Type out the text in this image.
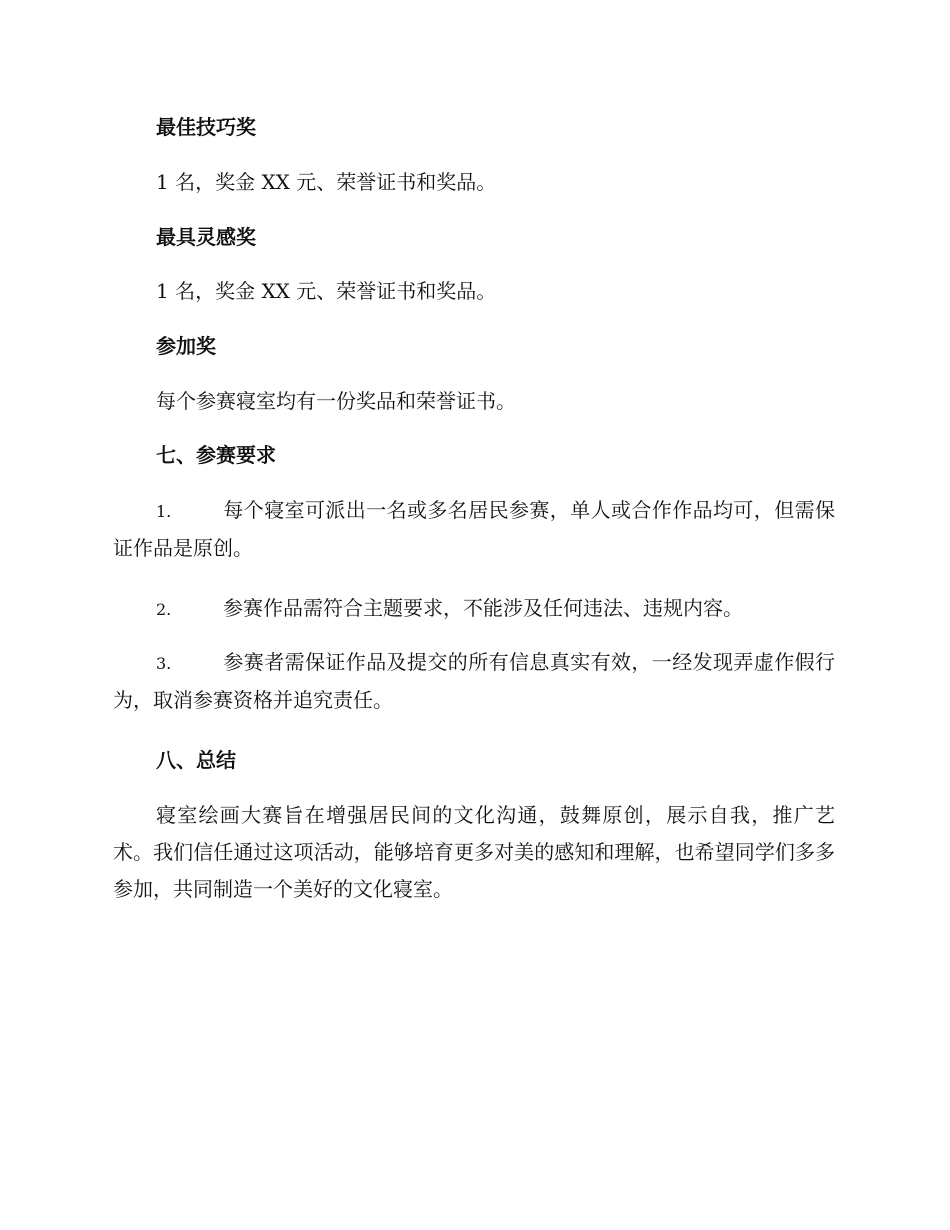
最佳技巧奖

1 名，奖金 XX 元、荣誉证书和奖品。

最具灵感奖

1 名，奖金 XX 元、荣誉证书和奖品。

参加奖

每个参赛寝室均有一份奖品和荣誉证书。

七、参赛要求

1.	每个寝室可派出一名或多名居民参赛，单人或合作作品均可，但需保证作品是原创。

2.	参赛作品需符合主题要求，不能涉及任何违法、违规内容。

3.	参赛者需保证作品及提交的所有信息真实有效，一经发现弄虚作假行为，取消参赛资格并追究责任。

八、总结

寝室绘画大赛旨在增强居民间的文化沟通，鼓舞原创，展示自我，推广艺术。我们信任通过这项活动，能够培育更多对美的感知和理解，也希望同学们多多参加，共同制造一个美好的文化寝室。
